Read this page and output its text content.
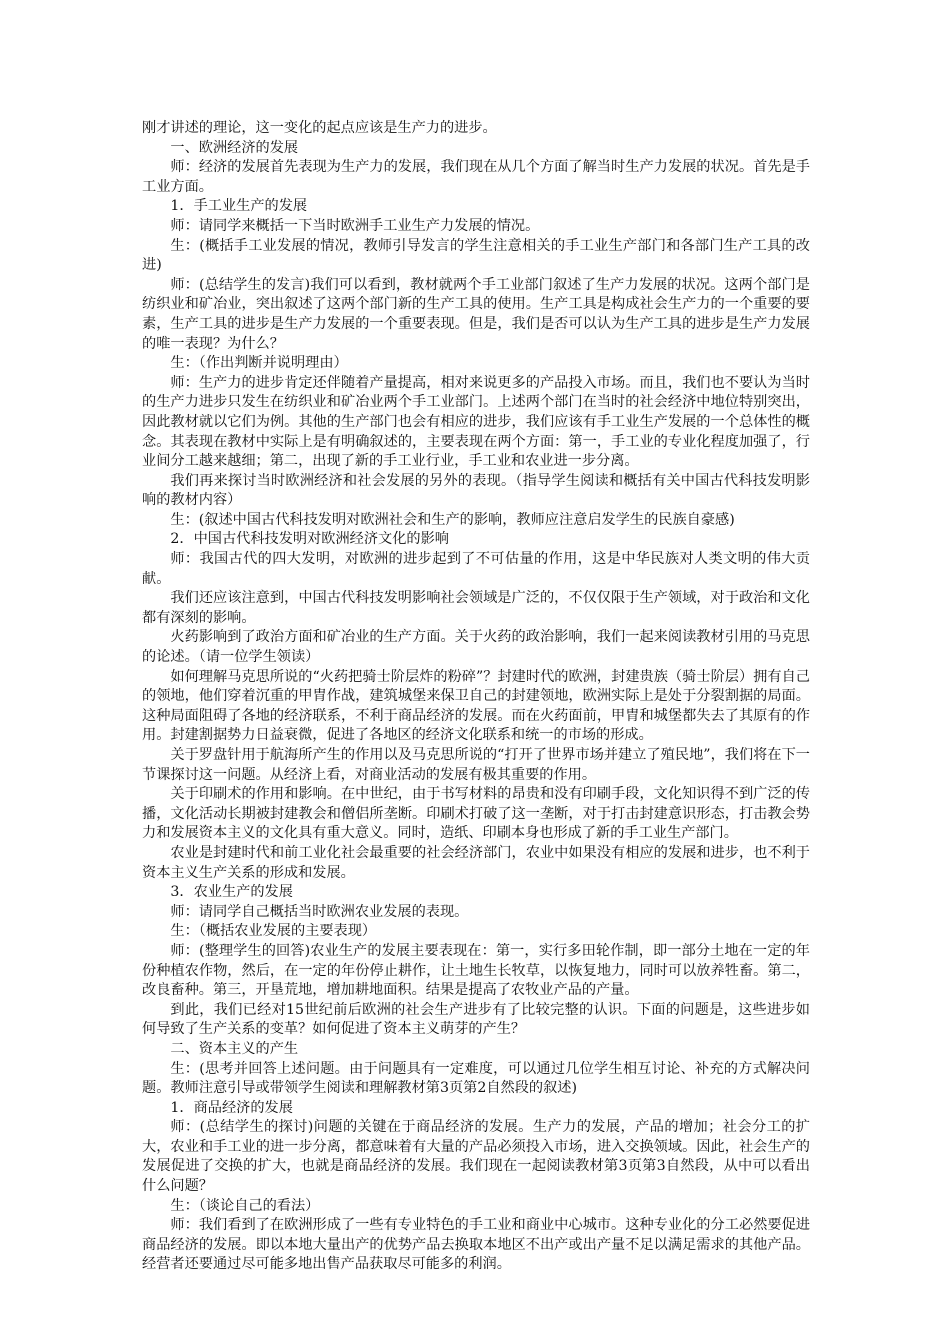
刚才讲述的理论，这一变化的起点应该是生产力的进步。

一、欧洲经济的发展

师：经济的发展首先表现为生产力的发展，我们现在从几个方面了解当时生产力发展的状况。首先是手工业方面。

1．手工业生产的发展

师：请同学来概括一下当时欧洲手工业生产力发展的情况。

生：(概括手工业发展的情况，教师引导发言的学生注意相关的手工业生产部门和各部门生产工具的改进)

师：(总结学生的发言)我们可以看到，教材就两个手工业部门叙述了生产力发展的状况。这两个部门是纺织业和矿冶业，突出叙述了这两个部门新的生产工具的使用。生产工具是构成社会生产力的一个重要的要素，生产工具的进步是生产力发展的一个重要表现。但是，我们是否可以认为生产工具的进步是生产力发展的唯一表现？为什么？

生：（作出判断并说明理由）

师：生产力的进步肯定还伴随着产量提高，相对来说更多的产品投入市场。而且，我们也不要认为当时的生产力进步只发生在纺织业和矿冶业两个手工业部门。上述两个部门在当时的社会经济中地位特别突出，因此教材就以它们为例。其他的生产部门也会有相应的进步，我们应该有手工业生产发展的一个总体性的概念。其表现在教材中实际上是有明确叙述的，主要表现在两个方面：第一，手工业的专业化程度加强了，行业间分工越来越细；第二，出现了新的手工业行业，手工业和农业进一步分离。

我们再来探讨当时欧洲经济和社会发展的另外的表现。（指导学生阅读和概括有关中国古代科技发明影响的教材内容）

生：(叙述中国古代科技发明对欧洲社会和生产的影响，教师应注意启发学生的民族自豪感)

2．中国古代科技发明对欧洲经济文化的影响

师：我国古代的四大发明，对欧洲的进步起到了不可估量的作用，这是中华民族对人类文明的伟大贡献。

我们还应该注意到，中国古代科技发明影响社会领域是广泛的，不仅仅限于生产领域，对于政治和文化都有深刻的影响。

火药影响到了政治方面和矿冶业的生产方面。关于火药的政治影响，我们一起来阅读教材引用的马克思的论述。（请一位学生领读）

如何理解马克思所说的“火药把骑士阶层炸的粉碎”？封建时代的欧洲，封建贵族（骑士阶层）拥有自己的领地，他们穿着沉重的甲胄作战，建筑城堡来保卫自己的封建领地，欧洲实际上是处于分裂割据的局面。这种局面阻碍了各地的经济联系，不利于商品经济的发展。而在火药面前，甲胄和城堡都失去了其原有的作用。封建割据势力日益衰微，促进了各地区的经济文化联系和统一的市场的形成。

关于罗盘针用于航海所产生的作用以及马克思所说的“打开了世界市场并建立了殖民地”，我们将在下一节课探讨这一问题。从经济上看，对商业活动的发展有极其重要的作用。

关于印刷术的作用和影响。在中世纪，由于书写材料的昂贵和没有印刷手段，文化知识得不到广泛的传播，文化活动长期被封建教会和僧侣所垄断。印刷术打破了这一垄断，对于打击封建意识形态，打击教会势力和发展资本主义的文化具有重大意义。同时，造纸、印刷本身也形成了新的手工业生产部门。

农业是封建时代和前工业化社会最重要的社会经济部门，农业中如果没有相应的发展和进步，也不利于资本主义生产关系的形成和发展。

3．农业生产的发展

师：请同学自己概括当时欧洲农业发展的表现。

生：（概括农业发展的主要表现）

师：(整理学生的回答)农业生产的发展主要表现在：第一，实行多田轮作制，即一部分土地在一定的年份种植农作物，然后，在一定的年份停止耕作，让土地生长牧草，以恢复地力，同时可以放养牲畜。第二，改良畜种。第三，开垦荒地，增加耕地面积。结果是提高了农牧业产品的产量。

到此，我们已经对15世纪前后欧洲的社会生产进步有了比较完整的认识。下面的问题是，这些进步如何导致了生产关系的变革？如何促进了资本主义萌芽的产生？

二、资本主义的产生

生：(思考并回答上述问题。由于问题具有一定难度，可以通过几位学生相互讨论、补充的方式解决问题。教师注意引导或带领学生阅读和理解教材第3页第2自然段的叙述)

1．商品经济的发展

师：(总结学生的探讨)问题的关键在于商品经济的发展。生产力的发展，产品的增加；社会分工的扩大，农业和手工业的进一步分离，都意味着有大量的产品必须投入市场，进入交换领域。因此，社会生产的发展促进了交换的扩大，也就是商品经济的发展。我们现在一起阅读教材第3页第3自然段，从中可以看出什么问题？

生：（谈论自己的看法）

师：我们看到了在欧洲形成了一些有专业特色的手工业和商业中心城市。这种专业化的分工必然要促进商品经济的发展。即以本地大量出产的优势产品去换取本地区不出产或出产量不足以满足需求的其他产品。经营者还要通过尽可能多地出售产品获取尽可能多的利润。
